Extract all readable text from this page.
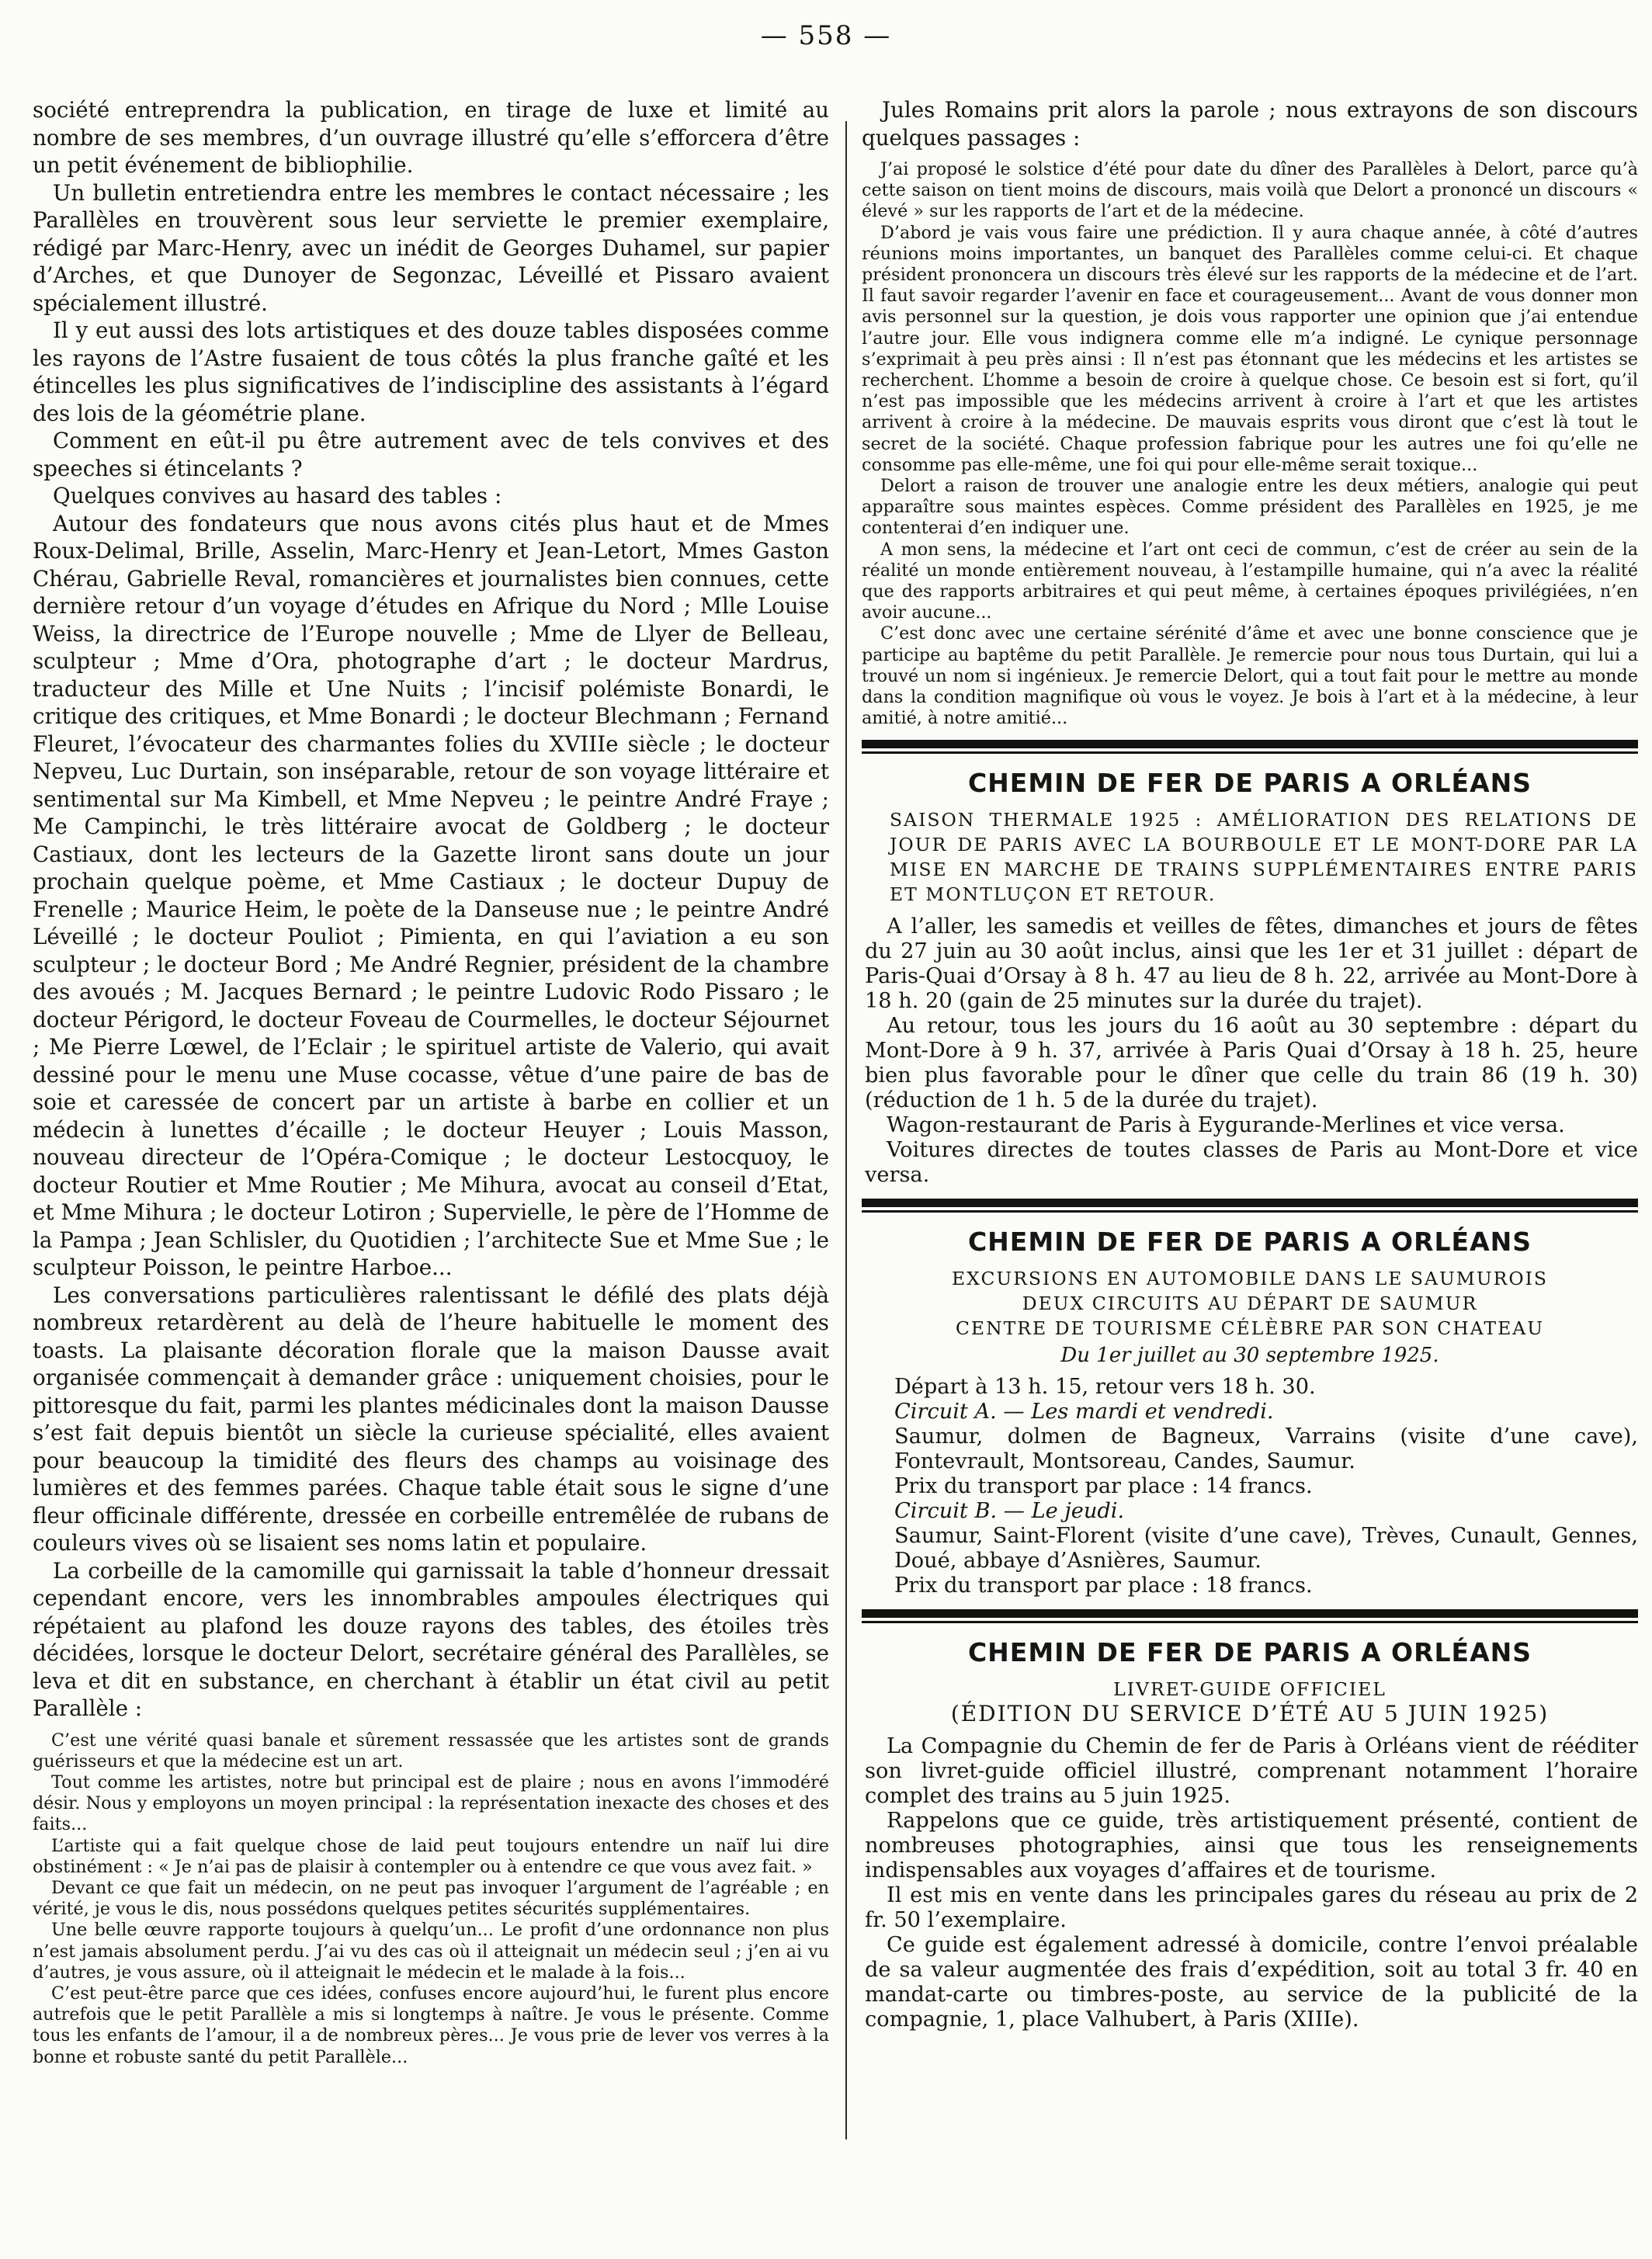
— 558 —

société entreprendra la publication, en tirage de luxe et limité au nombre de ses membres, d’un ouvrage illustré qu’elle s’efforcera d’être un petit événement de bibliophilie.

Un bulletin entretiendra entre les membres le contact nécessaire ; les Parallèles en trouvèrent sous leur serviette le premier exemplaire, rédigé par Marc-Henry, avec un inédit de Georges Duhamel, sur papier d’Arches, et que Dunoyer de Segonzac, Léveillé et Pissaro avaient spécialement illustré.

Il y eut aussi des lots artistiques et des douze tables disposées comme les rayons de l’Astre fusaient de tous côtés la plus franche gaîté et les étincelles les plus significatives de l’indiscipline des assistants à l’égard des lois de la géométrie plane.

Comment en eût-il pu être autrement avec de tels convives et des speeches si étincelants ?

Quelques convives au hasard des tables :

Autour des fondateurs que nous avons cités plus haut et de Mmes Roux-Delimal, Brille, Asselin, Marc-Henry et Jean-Letort, Mmes Gaston Chérau, Gabrielle Reval, romancières et journalistes bien connues, cette dernière retour d’un voyage d’études en Afrique du Nord ; Mlle Louise Weiss, la directrice de l’Europe nouvelle ; Mme de Llyer de Belleau, sculpteur ; Mme d’Ora, photographe d’art ; le docteur Mardrus, traducteur des Mille et Une Nuits ; l’incisif polémiste Bonardi, le critique des critiques, et Mme Bonardi ; le docteur Blechmann ; Fernand Fleuret, l’évocateur des charmantes folies du XVIIIe siècle ; le docteur Nepveu, Luc Durtain, son inséparable, retour de son voyage littéraire et sentimental sur Ma Kimbell, et Mme Nepveu ; le peintre André Fraye ; Me Campinchi, le très littéraire avocat de Goldberg ; le docteur Castiaux, dont les lecteurs de la Gazette liront sans doute un jour prochain quelque poème, et Mme Castiaux ; le docteur Dupuy de Frenelle ; Maurice Heim, le poète de la Danseuse nue ; le peintre André Léveillé ; le docteur Pouliot ; Pimienta, en qui l’aviation a eu son sculpteur ; le docteur Bord ; Me André Regnier, président de la chambre des avoués ; M. Jacques Bernard ; le peintre Ludovic Rodo Pissaro ; le docteur Périgord, le docteur Foveau de Courmelles, le docteur Séjournet ; Me Pierre Lœwel, de l’Eclair ; le spirituel artiste de Valerio, qui avait dessiné pour le menu une Muse cocasse, vêtue d’une paire de bas de soie et caressée de concert par un artiste à barbe en collier et un médecin à lunettes d’écaille ; le docteur Heuyer ; Louis Masson, nouveau directeur de l’Opéra-Comique ; le docteur Lestocquoy, le docteur Routier et Mme Routier ; Me Mihura, avocat au conseil d’Etat, et Mme Mihura ; le docteur Lotiron ; Supervielle, le père de l’Homme de la Pampa ; Jean Schlisler, du Quotidien ; l’architecte Sue et Mme Sue ; le sculpteur Poisson, le peintre Harboe...

Les conversations particulières ralentissant le défilé des plats déjà nombreux retardèrent au delà de l’heure habituelle le moment des toasts. La plaisante décoration florale que la maison Dausse avait organisée commençait à demander grâce : uniquement choisies, pour le pittoresque du fait, parmi les plantes médicinales dont la maison Dausse s’est fait depuis bientôt un siècle la curieuse spécialité, elles avaient pour beaucoup la timidité des fleurs des champs au voisinage des lumières et des femmes parées. Chaque table était sous le signe d’une fleur officinale différente, dressée en corbeille entremêlée de rubans de couleurs vives où se lisaient ses noms latin et populaire.

La corbeille de la camomille qui garnissait la table d’honneur dressait cependant encore, vers les innombrables ampoules électriques qui répétaient au plafond les douze rayons des tables, des étoiles très décidées, lorsque le docteur Delort, secrétaire général des Parallèles, se leva et dit en substance, en cherchant à établir un état civil au petit Parallèle :

C’est une vérité quasi banale et sûrement ressassée que les artistes sont de grands guérisseurs et que la médecine est un art.

Tout comme les artistes, notre but principal est de plaire ; nous en avons l’immodéré désir. Nous y employons un moyen principal : la représentation inexacte des choses et des faits...

L’artiste qui a fait quelque chose de laid peut toujours entendre un naïf lui dire obstinément : « Je n’ai pas de plaisir à contempler ou à entendre ce que vous avez fait. »

Devant ce que fait un médecin, on ne peut pas invoquer l’argument de l’agréable ; en vérité, je vous le dis, nous possédons quelques petites sécurités supplémentaires.

Une belle œuvre rapporte toujours à quelqu’un... Le profit d’une ordonnance non plus n’est jamais absolument perdu. J’ai vu des cas où il atteignait un médecin seul ; j’en ai vu d’autres, je vous assure, où il atteignait le médecin et le malade à la fois...

C’est peut-être parce que ces idées, confuses encore aujourd’hui, le furent plus encore autrefois que le petit Parallèle a mis si longtemps à naître. Je vous le présente. Comme tous les enfants de l’amour, il a de nombreux pères... Je vous prie de lever vos verres à la bonne et robuste santé du petit Parallèle...

Jules Romains prit alors la parole ; nous extrayons de son discours quelques passages :

J’ai proposé le solstice d’été pour date du dîner des Parallèles à Delort, parce qu’à cette saison on tient moins de discours, mais voilà que Delort a prononcé un discours « élevé » sur les rapports de l’art et de la médecine.

D’abord je vais vous faire une prédiction. Il y aura chaque année, à côté d’autres réunions moins importantes, un banquet des Parallèles comme celui-ci. Et chaque président prononcera un discours très élevé sur les rapports de la médecine et de l’art. Il faut savoir regarder l’avenir en face et courageusement... Avant de vous donner mon avis personnel sur la question, je dois vous rapporter une opinion que j’ai entendue l’autre jour. Elle vous indignera comme elle m’a indigné. Le cynique personnage s’exprimait à peu près ainsi : Il n’est pas étonnant que les médecins et les artistes se recherchent. L’homme a besoin de croire à quelque chose. Ce besoin est si fort, qu’il n’est pas impossible que les médecins arrivent à croire à l’art et que les artistes arrivent à croire à la médecine. De mauvais esprits vous diront que c’est là tout le secret de la société. Chaque profession fabrique pour les autres une foi qu’elle ne consomme pas elle-même, une foi qui pour elle-même serait toxique...

Delort a raison de trouver une analogie entre les deux métiers, analogie qui peut apparaître sous maintes espèces. Comme président des Parallèles en 1925, je me contenterai d’en indiquer une.

A mon sens, la médecine et l’art ont ceci de commun, c’est de créer au sein de la réalité un monde entièrement nouveau, à l’estampille humaine, qui n’a avec la réalité que des rapports arbitraires et qui peut même, à certaines époques privilégiées, n’en avoir aucune...

C’est donc avec une certaine sérénité d’âme et avec une bonne conscience que je participe au baptême du petit Parallèle. Je remercie pour nous tous Durtain, qui lui a trouvé un nom si ingénieux. Je remercie Delort, qui a tout fait pour le mettre au monde dans la condition magnifique où vous le voyez. Je bois à l’art et à la médecine, à leur amitié, à notre amitié...

CHEMIN DE FER DE PARIS A ORLÉANS

SAISON THERMALE 1925 : AMÉLIORATION DES RELATIONS DE JOUR DE PARIS AVEC LA BOURBOULE ET LE MONT-DORE PAR LA MISE EN MARCHE DE TRAINS SUPPLÉMENTAIRES ENTRE PARIS ET MONTLUÇON ET RETOUR.

A l’aller, les samedis et veilles de fêtes, dimanches et jours de fêtes du 27 juin au 30 août inclus, ainsi que les 1er et 31 juillet : départ de Paris-Quai d’Orsay à 8 h. 47 au lieu de 8 h. 22, arrivée au Mont-Dore à 18 h. 20 (gain de 25 minutes sur la durée du trajet).

Au retour, tous les jours du 16 août au 30 septembre : départ du Mont-Dore à 9 h. 37, arrivée à Paris Quai d’Orsay à 18 h. 25, heure bien plus favorable pour le dîner que celle du train 86 (19 h. 30) (réduction de 1 h. 5 de la durée du trajet).

Wagon-restaurant de Paris à Eygurande-Merlines et vice versa.

Voitures directes de toutes classes de Paris au Mont-Dore et vice versa.

CHEMIN DE FER DE PARIS A ORLÉANS

EXCURSIONS EN AUTOMOBILE DANS LE SAUMUROIS

DEUX CIRCUITS AU DÉPART DE SAUMUR

CENTRE DE TOURISME CÉLÈBRE PAR SON CHATEAU

Du 1er juillet au 30 septembre 1925.

Départ à 13 h. 15, retour vers 18 h. 30.

Circuit A. — Les mardi et vendredi.

Saumur, dolmen de Bagneux, Varrains (visite d’une cave), Fontevrault, Montsoreau, Candes, Saumur.

Prix du transport par place : 14 francs.

Circuit B. — Le jeudi.

Saumur, Saint-Florent (visite d’une cave), Trèves, Cunault, Gennes, Doué, abbaye d’Asnières, Saumur.

Prix du transport par place : 18 francs.

CHEMIN DE FER DE PARIS A ORLÉANS

LIVRET-GUIDE OFFICIEL

(ÉDITION DU SERVICE D’ÉTÉ AU 5 JUIN 1925)

La Compagnie du Chemin de fer de Paris à Orléans vient de rééditer son livret-guide officiel illustré, comprenant notamment l’horaire complet des trains au 5 juin 1925.

Rappelons que ce guide, très artistiquement présenté, contient de nombreuses photographies, ainsi que tous les renseignements indispensables aux voyages d’affaires et de tourisme.

Il est mis en vente dans les principales gares du réseau au prix de 2 fr. 50 l’exemplaire.

Ce guide est également adressé à domicile, contre l’envoi préalable de sa valeur augmentée des frais d’expédition, soit au total 3 fr. 40 en mandat-carte ou timbres-poste, au service de la publicité de la compagnie, 1, place Valhubert, à Paris (XIIIe).
